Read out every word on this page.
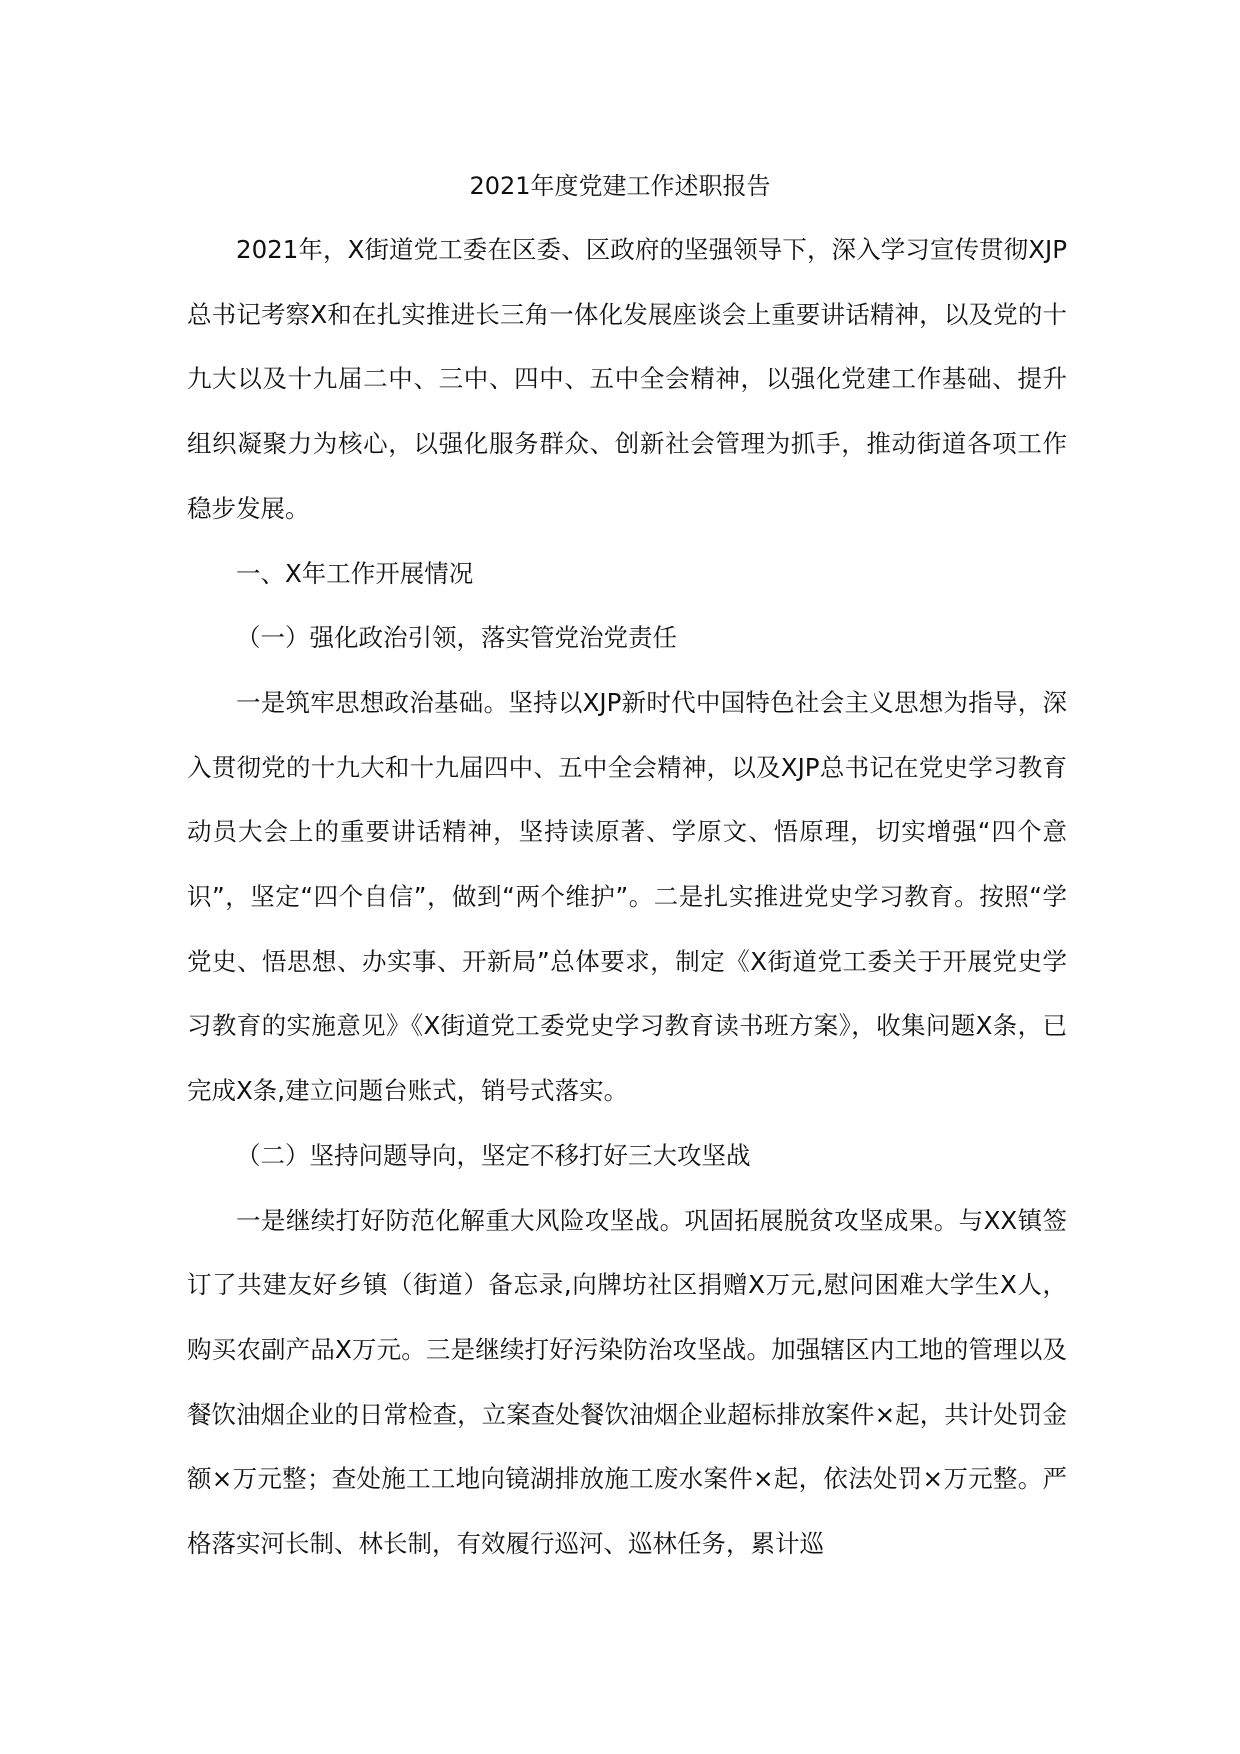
2021年度党建工作述职报告

2021年，X街道党工委在区委、区政府的坚强领导下，深入学习宣传贯彻XJP总书记考察X和在扎实推进长三角一体化发展座谈会上重要讲话精神，以及党的十九大以及十九届二中、三中、四中、五中全会精神，以强化党建工作基础、提升组织凝聚力为核心，以强化服务群众、创新社会管理为抓手，推动街道各项工作稳步发展。

一、X年工作开展情况

（一）强化政治引领，落实管党治党责任

一是筑牢思想政治基础。坚持以XJP新时代中国特色社会主义思想为指导，深入贯彻党的十九大和十九届四中、五中全会精神，以及XJP总书记在党史学习教育动员大会上的重要讲话精神，坚持读原著、学原文、悟原理，切实增强“四个意识”，坚定“四个自信”，做到“两个维护”。二是扎实推进党史学习教育。按照“学党史、悟思想、办实事、开新局”总体要求，制定《X街道党工委关于开展党史学习教育的实施意见》《X街道党工委党史学习教育读书班方案》，收集问题X条，已完成X条,建立问题台账式，销号式落实。

（二）坚持问题导向，坚定不移打好三大攻坚战

一是继续打好防范化解重大风险攻坚战。巩固拓展脱贫攻坚成果。与XX镇签订了共建友好乡镇（街道）备忘录,向牌坊社区捐赠X万元,慰问困难大学生X人，购买农副产品X万元。三是继续打好污染防治攻坚战。加强辖区内工地的管理以及餐饮油烟企业的日常检查，立案查处餐饮油烟企业超标排放案件×起，共计处罚金额×万元整；查处施工工地向镜湖排放施工废水案件×起，依法处罚×万元整。严格落实河长制、林长制，有效履行巡河、巡林任务，累计巡
